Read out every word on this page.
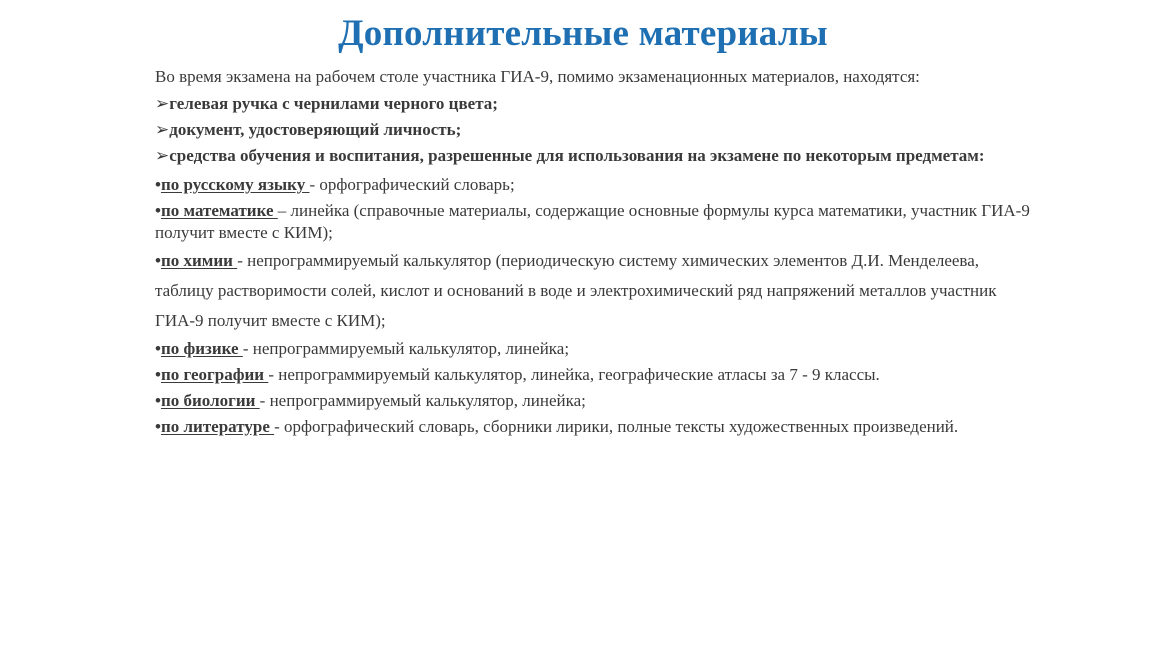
Дополнительные материалы

Во время экзамена на рабочем столе участника ГИА-9, помимо экзаменационных материалов, находятся:

➢гелевая ручка с чернилами черного цвета;

➢документ, удостоверяющий личность;

➢средства обучения и воспитания, разрешенные для использования на экзамене по некоторым предметам:

•по русскому языку - орфографический словарь;

•по математике – линейка (справочные материалы, содержащие основные формулы курса математики, участник ГИА-9 получит вместе с КИМ);

•по химии - непрограммируемый калькулятор (периодическую систему химических элементов Д.И. Менделеева, таблицу растворимости солей, кислот и оснований в воде и электрохимический ряд напряжений металлов участник ГИА-9 получит вместе с КИМ);

•по физике - непрограммируемый калькулятор, линейка;

•по географии - непрограммируемый калькулятор, линейка, географические атласы за 7 - 9 классы.

•по биологии - непрограммируемый калькулятор, линейка;

•по литературе - орфографический словарь, сборники лирики, полные тексты художественных произведений.
